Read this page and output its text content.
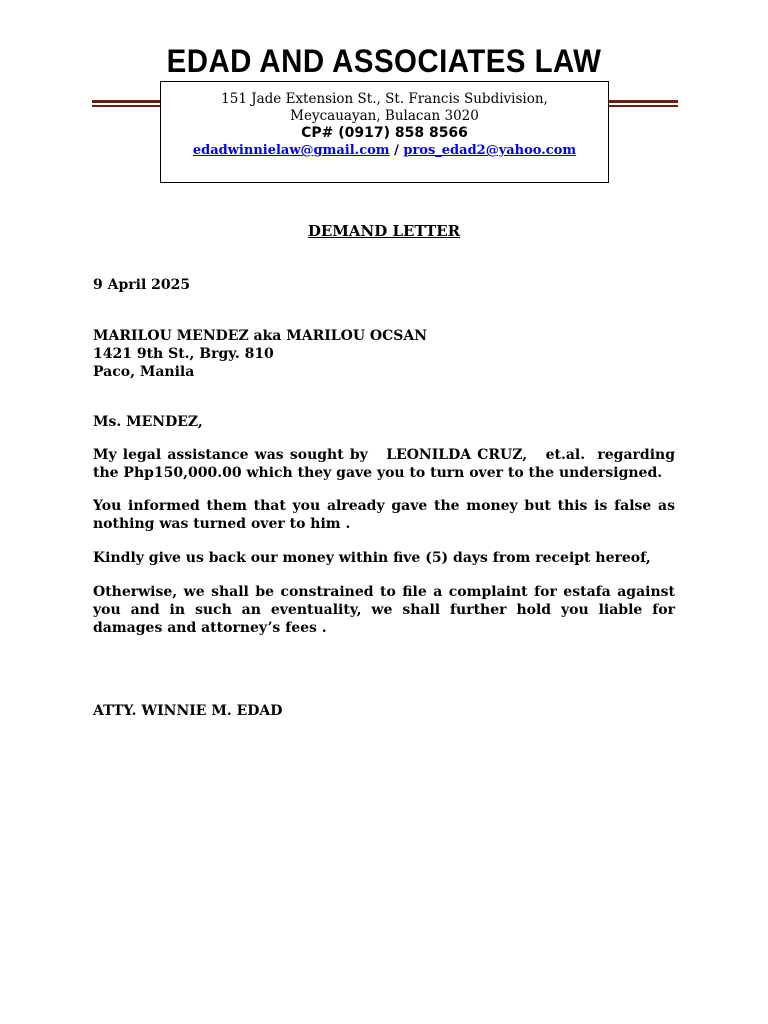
EDAD AND ASSOCIATES LAW
151 Jade Extension St., St. Francis Subdivision,
Meycauayan, Bulacan 3020
CP# (0917) 858 8566
edadwinnielaw@gmail.com / pros_edad2@yahoo.com
DEMAND LETTER
9 April 2025
MARILOU MENDEZ aka MARILOU OCSAN
1421 9th St., Brgy. 810
Paco, Manila
Ms. MENDEZ,
My legal assistance was sought by   LEONILDA CRUZ,   et.al.  regarding the Php150,000.00 which they gave you to turn over to the undersigned.
You informed them that you already gave the money but this is false as nothing was turned over to him .
Kindly give us back our money within five (5) days from receipt hereof,
Otherwise, we shall be constrained to file a complaint for estafa against you and in such an eventuality, we shall further hold you liable for damages and attorney’s fees .
ATTY. WINNIE M. EDAD
